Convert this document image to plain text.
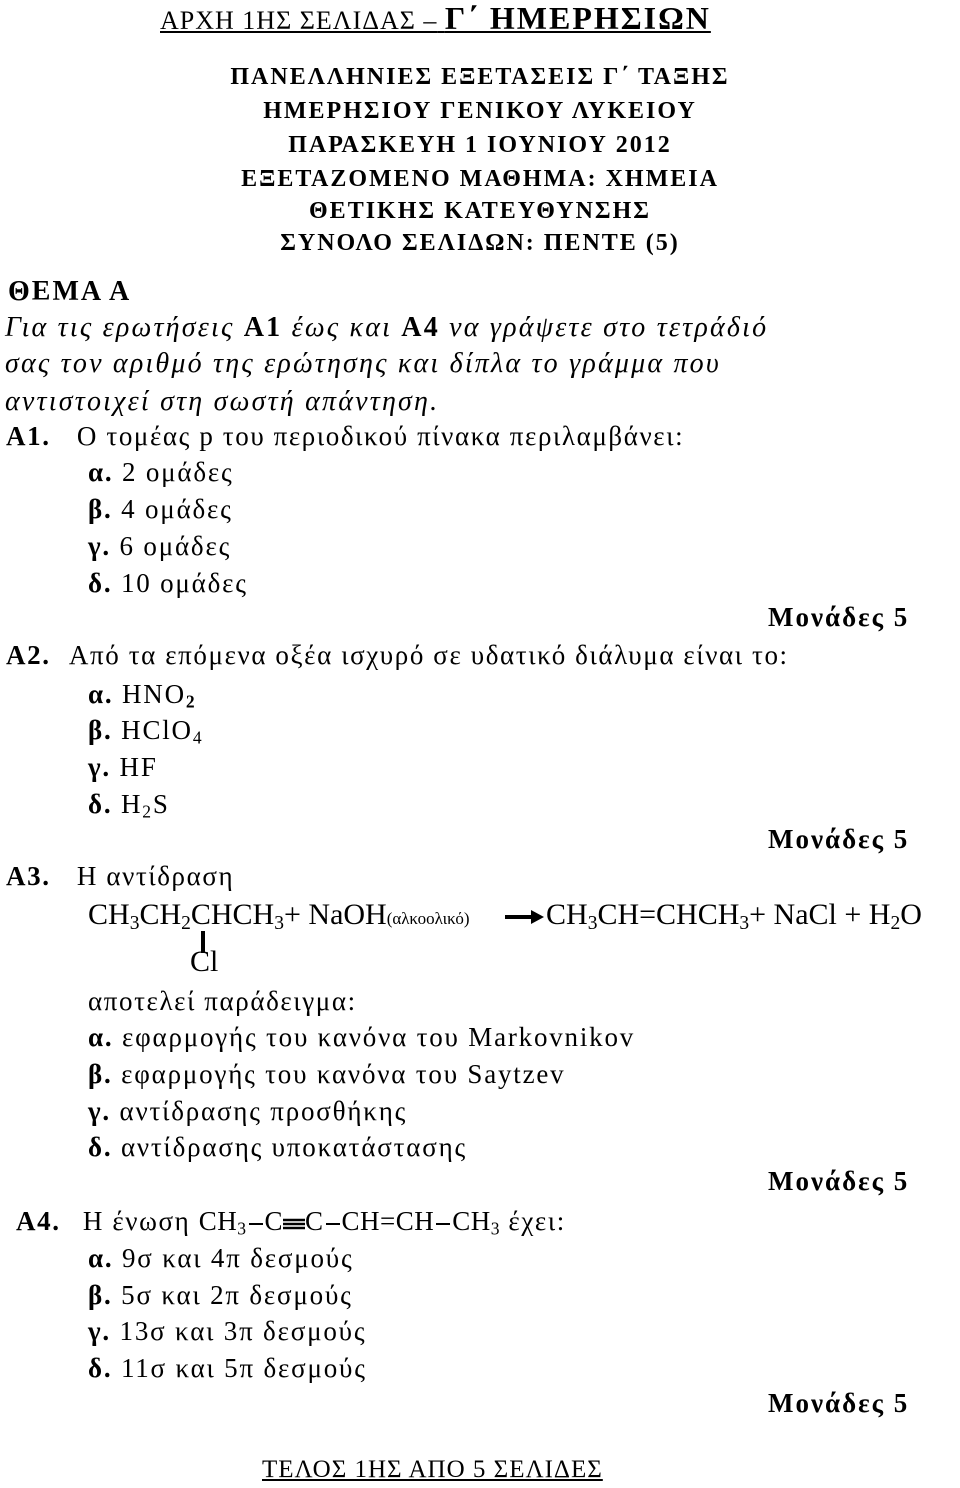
ΑΡΧΗ 1ΗΣ ΣΕΛΙΔΑΣ – Γ΄ ΗΜΕΡΗΣΙΩΝ
ΠΑΝΕΛΛΗΝΙΕΣ ΕΞΕΤΑΣΕΙΣ Γ΄ ΤΑΞΗΣ
ΗΜΕΡΗΣΙΟΥ ΓΕΝΙΚΟΥ ΛΥΚΕΙΟΥ
ΠΑΡΑΣΚΕΥΗ 1 ΙΟΥΝΙΟΥ 2012
ΕΞΕΤΑΖΟΜΕΝΟ ΜΑΘΗΜΑ: ΧΗΜΕΙΑ
ΘΕΤΙΚΗΣ ΚΑΤΕΥΘΥΝΣΗΣ
ΣΥΝΟΛΟ ΣΕΛΙΔΩΝ: ΠΕΝΤΕ (5)
ΘΕΜΑ Α
Για τις ερωτήσεις Α1 έως και Α4 να γράψετε στο τετράδιό
σας τον αριθμό της ερώτησης και δίπλα το γράμμα που
αντιστοιχεί στη σωστή απάντηση.
Α1. Ο τομέας p του περιοδικού πίνακα περιλαμβάνει:
α. 2 ομάδες
β. 4 ομάδες
γ. 6 ομάδες
δ. 10 ομάδες
Μονάδες 5
Α2. Από τα επόμενα οξέα ισχυρό σε υδατικό διάλυμα είναι το:
α. $HNO_2$
β. HClO$_4$
γ. HF
δ. $H_2S$
Μονάδες 5
Α3. Η αντίδραση
$CH_3CH_2CHCH_3+$ NaOH(αλκοολικό) → $CH_3CH=CHCH_3+$ NaCl + $H_2O$
Cl
αποτελεί παράδειγμα:
α. εφαρμογής του κανόνα του Markovnikov
β. εφαρμογής του κανόνα του Saytzev
γ. αντίδρασης προσθήκης
δ. αντίδρασης υποκατάστασης
Μονάδες 5
Α4. Η ένωση $CH_3$ C C CH=CH $CH_3$ έχει:
α. 9σ και 4π δεσμούς
β. 5σ και 2π δεσμούς
γ. 13σ και 3π δεσμούς
δ. 11σ και 5π δεσμούς
Μονάδες 5
ΤΕΛΟΣ 1ΗΣ ΑΠΟ 5 ΣΕΛΙΔΕΣ
